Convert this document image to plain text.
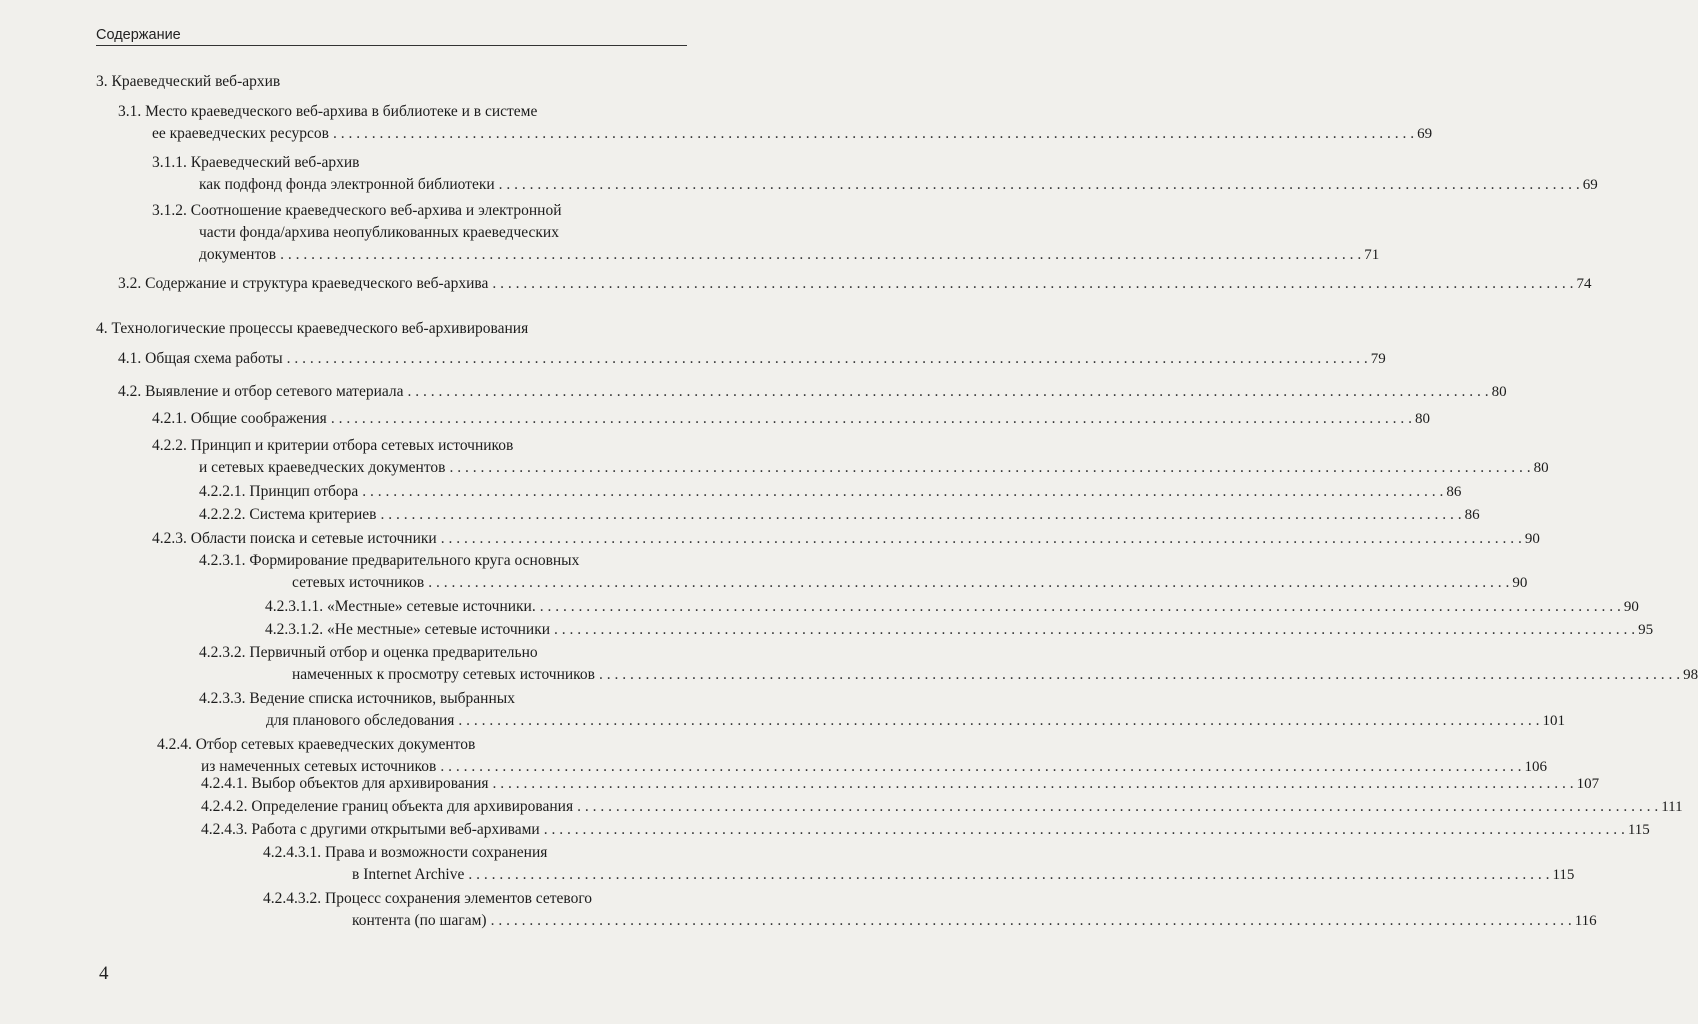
Содержание
3. Краеведческий веб-архив
3.1. Место краеведческого веб-архива в библиотеке и в системе
ее краеведческих ресурсов . . .	69
3.1.1. Краеведческий веб-архив
как подфонд фонда электронной библиотеки . . .	69
3.1.2. Соотношение краеведческого веб-архива и электронной
части фонда/архива неопубликованных краеведческих
документов . . .	71
3.2. Содержание и структура краеведческого веб-архива . . .	74
4. Технологические процессы краеведческого веб-архивирования
4.1. Общая схема работы . . .	79
4.2. Выявление и отбор сетевого материала . . .	80
4.2.1. Общие соображения . . .	80
4.2.2. Принцип и критерии отбора сетевых источников
и сетевых краеведческих документов . . .	80
4.2.2.1. Принцип отбора . . .	86
4.2.2.2. Система критериев . . .	86
4.2.3. Области поиска и сетевые источники . . .	90
4.2.3.1. Формирование предварительного круга основных
сетевых источников . . .	90
4.2.3.1.1. «Местные» сетевые источники. . . .	90
4.2.3.1.2. «Не местные» сетевые источники . . .	95
4.2.3.2. Первичный отбор и оценка предварительно
намеченных к просмотру сетевых источников . . .	98
4.2.3.3. Ведение списка источников, выбранных
для планового обследования . . .	101
4.2.4. Отбор сетевых краеведческих документов
из намеченных сетевых источников . . .	106
4.2.4.1. Выбор объектов для архивирования . . .	107
4.2.4.2. Определение границ объекта для архивирования . . .	111
4.2.4.3. Работа с другими открытыми веб-архивами . . .	115
4.2.4.3.1. Права и возможности сохранения
в Internet Archive . . .	115
4.2.4.3.2. Процесс сохранения элементов сетевого
контента (по шагам) . . .	116
4
